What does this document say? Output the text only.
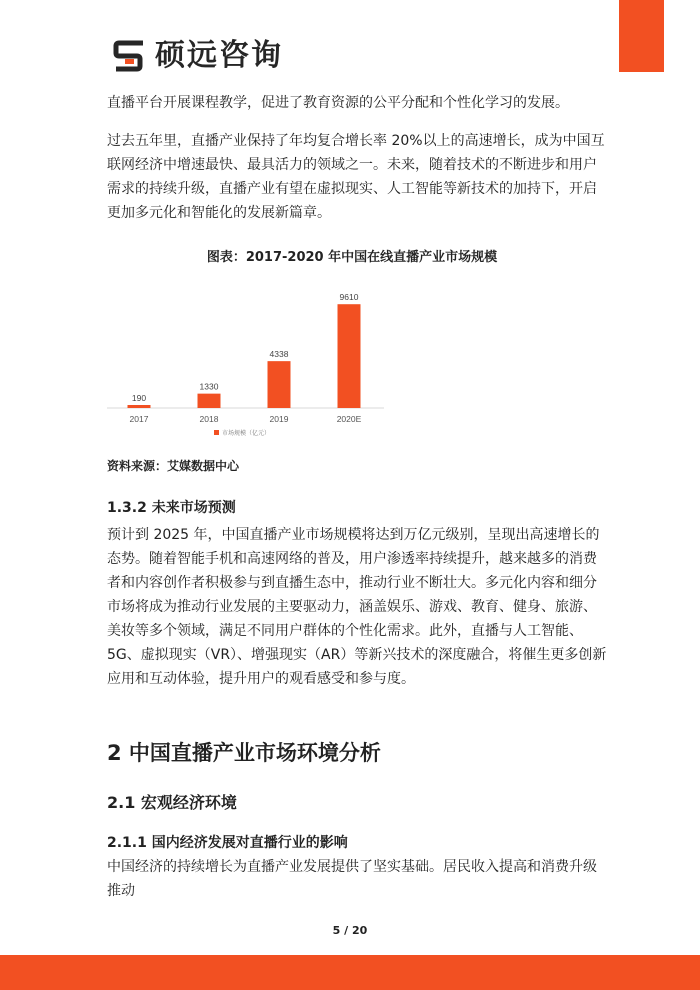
硕远咨询

直播平台开展课程教学，促进了教育资源的公平分配和个性化学习的发展。

过去五年里，直播产业保持了年均复合增长率 20%以上的高速增长，成为中国互联网经济中增速最快、最具活力的领域之一。未来，随着技术的不断进步和用户需求的持续升级，直播产业有望在虚拟现实、人工智能等新技术的加持下，开启更加多元化和智能化的发展新篇章。

图表：2017-2020 年中国在线直播产业市场规模
190
2017
1330
2018
4338
2019
9610
2020E
市场规模（亿元）
资料来源：艾媒数据中心
1.3.2 未来市场预测

预计到 2025 年，中国直播产业市场规模将达到万亿元级别，呈现出高速增长的态势。随着智能手机和高速网络的普及，用户渗透率持续提升，越来越多的消费者和内容创作者积极参与到直播生态中，推动行业不断壮大。多元化内容和细分市场将成为推动行业发展的主要驱动力，涵盖娱乐、游戏、教育、健身、旅游、美妆等多个领域，满足不同用户群体的个性化需求。此外，直播与人工智能、5G、虚拟现实（VR）、增强现实（AR）等新兴技术的深度融合，将催生更多创新应用和互动体验，提升用户的观看感受和参与度。

2 中国直播产业市场环境分析
2.1 宏观经济环境
2.1.1 国内经济发展对直播行业的影响

中国经济的持续增长为直播产业发展提供了坚实基础。居民收入提高和消费升级推动

5 / 20
